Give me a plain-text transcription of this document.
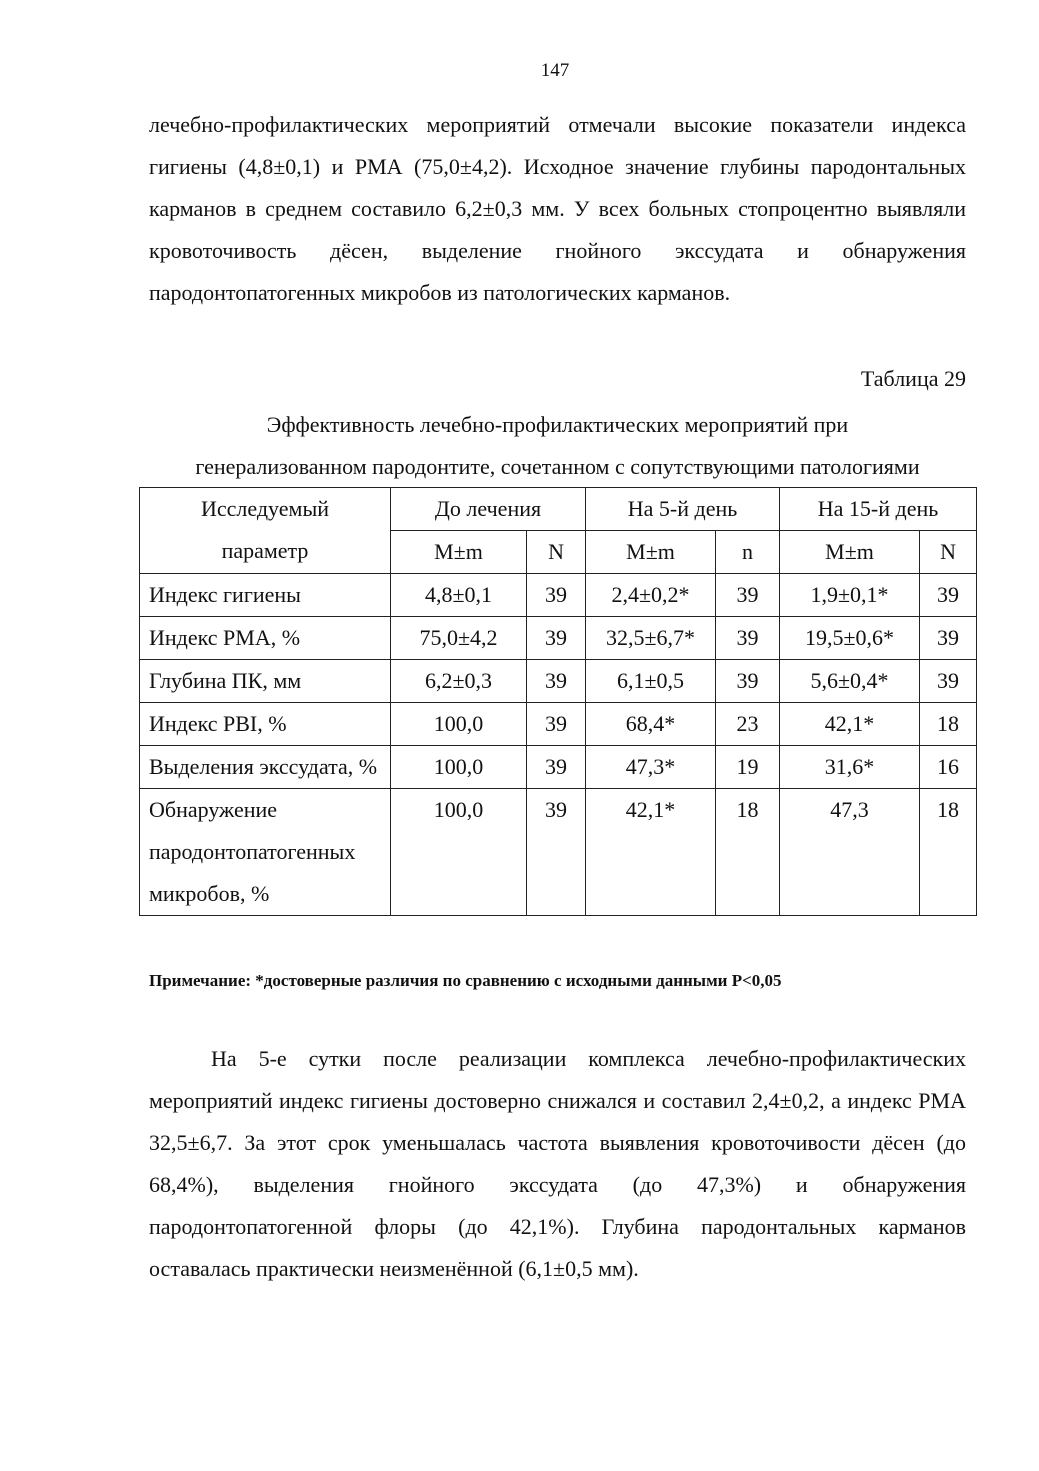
147

лечебно-профилактических мероприятий отмечали высокие показатели индекса гигиены (4,8±0,1) и РМА (75,0±4,2). Исходное значение глубины пародонтальных карманов в среднем составило 6,2±0,3 мм. У всех больных стопроцентно выявляли кровоточивость дёсен, выделение гнойного экссудата и обнаружения пародонтопатогенных микробов из патологических карманов.

Таблица 29
Эффективность лечебно-профилактических мероприятий при
генерализованном пародонтите, сочетанном с сопутствующими патологиями
Исследуемый
параметр	До лечения		На 5-й день		На 15-й день	
	M±m	N	M±m	n	M±m	N
Индекс гигиены	4,8±0,1	39	2,4±0,2*	39	1,9±0,1*	39
Индекс РМА, %	75,0±4,2	39	32,5±6,7*	39	19,5±0,6*	39
Глубина ПК, мм	6,2±0,3	39	6,1±0,5	39	5,6±0,4*	39
Индекс PBI, %	100,0	39	68,4*	23	42,1*	18
Выделения экссудата, %	100,0	39	47,3*	19	31,6*	16
Обнаружение пародонтопатогенных микробов, %	100,0	39	42,1*	18	47,3	18
Примечание: *достоверные различия по сравнению с исходными данными P<0,05

На 5-е сутки после реализации комплекса лечебно-профилактических мероприятий индекс гигиены достоверно снижался и составил 2,4±0,2, а индекс РМА 32,5±6,7. За этот срок уменьшалась частота выявления кровоточивости дёсен (до 68,4%), выделения гнойного экссудата (до 47,3%) и обнаружения пародонтопатогенной флоры (до 42,1%). Глубина пародонтальных карманов оставалась практически неизменённой (6,1±0,5 мм).
